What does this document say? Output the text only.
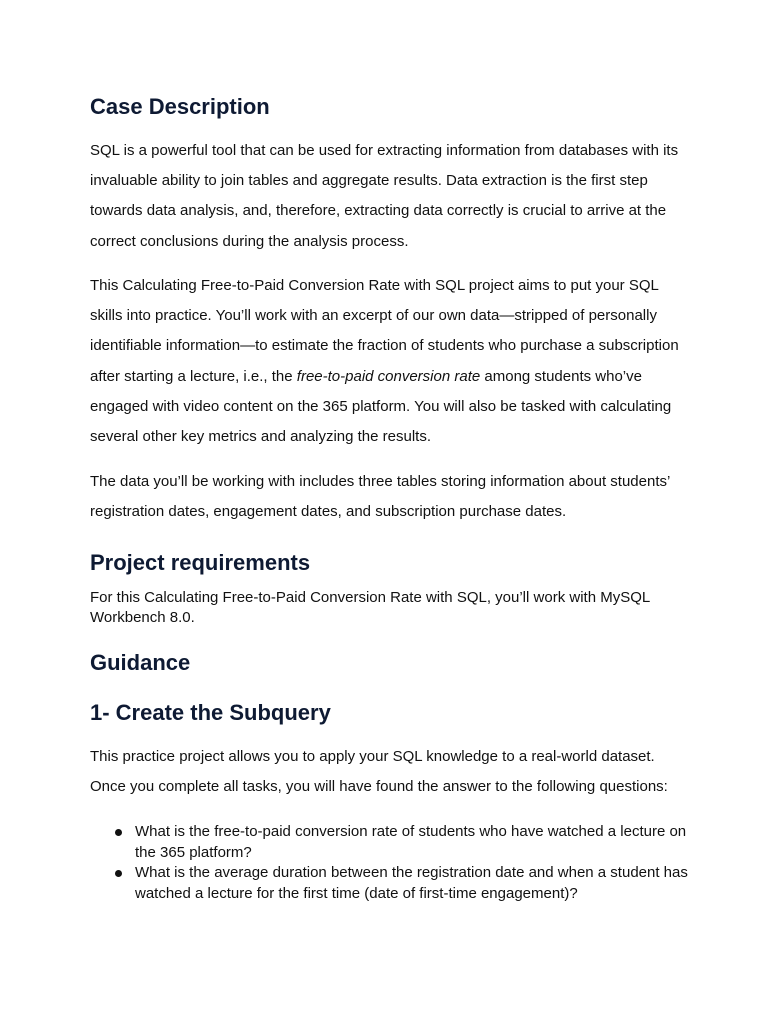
Case Description

SQL is a powerful tool that can be used for extracting information from databases with its invaluable ability to join tables and aggregate results. Data extraction is the first step towards data analysis, and, therefore, extracting data correctly is crucial to arrive at the correct conclusions during the analysis process.

This Calculating Free-to-Paid Conversion Rate with SQL project aims to put your SQL skills into practice. You’ll work with an excerpt of our own data—stripped of personally identifiable information—to estimate the fraction of students who purchase a subscription after starting a lecture, i.e., the free-to-paid conversion rate among students who’ve engaged with video content on the 365 platform. You will also be tasked with calculating several other key metrics and analyzing the results.

The data you’ll be working with includes three tables storing information about students’ registration dates, engagement dates, and subscription purchase dates.

Project requirements

For this Calculating Free-to-Paid Conversion Rate with SQL, you’ll work with MySQL Workbench 8.0.

Guidance
1- Create the Subquery

This practice project allows you to apply your SQL knowledge to a real-world dataset. Once you complete all tasks, you will have found the answer to the following questions:

What is the free-to-paid conversion rate of students who have watched a lecture on the 365 platform?
What is the average duration between the registration date and when a student has watched a lecture for the first time (date of first-time engagement)?
